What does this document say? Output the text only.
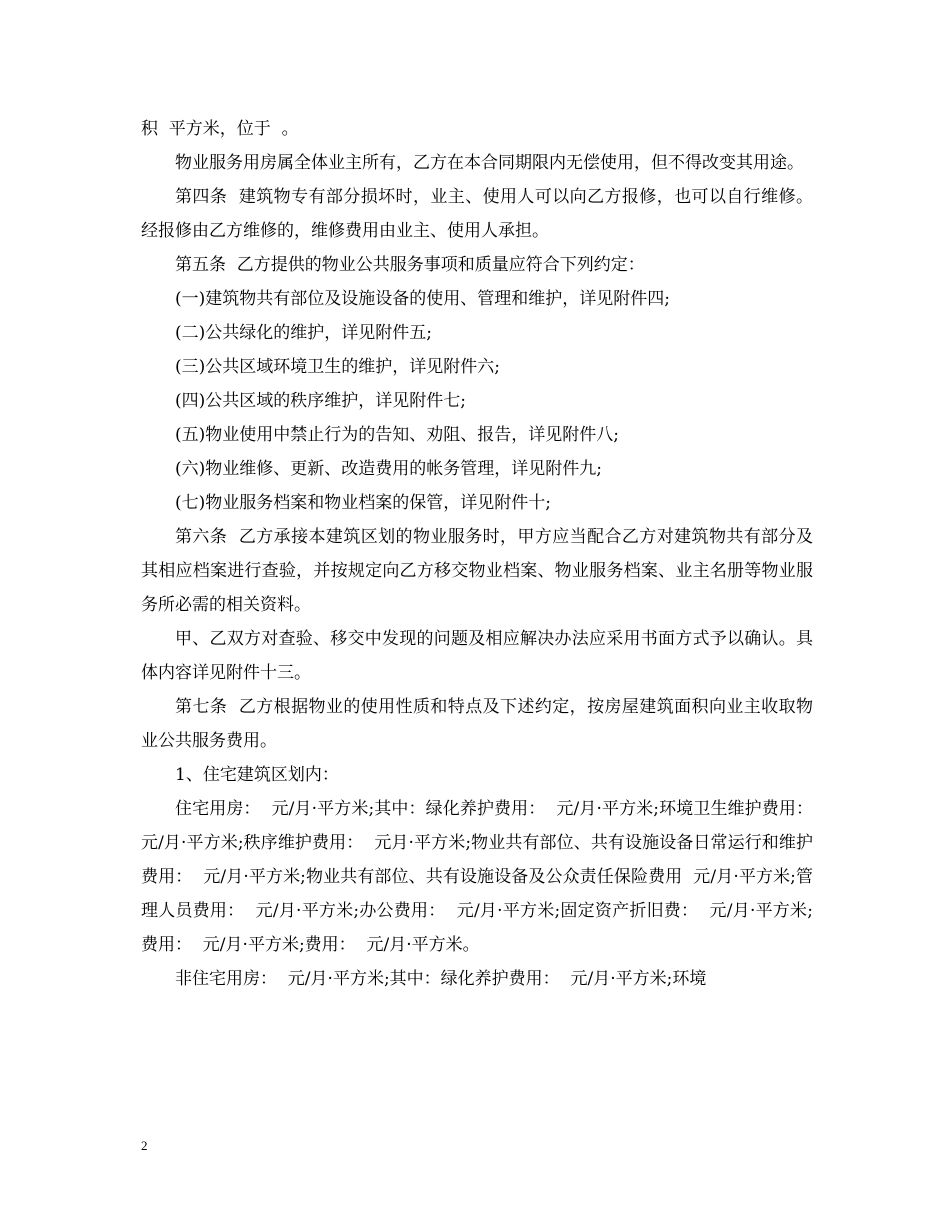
积  平方米，位于  。

物业服务用房属全体业主所有，乙方在本合同期限内无偿使用，但不得改变其用途。

第四条  建筑物专有部分损坏时，业主、使用人可以向乙方报修，也可以自行维修。经报修由乙方维修的，维修费用由业主、使用人承担。

第五条  乙方提供的物业公共服务事项和质量应符合下列约定：

(一)建筑物共有部位及设施设备的使用、管理和维护，详见附件四;

(二)公共绿化的维护，详见附件五;

(三)公共区域环境卫生的维护，详见附件六;

(四)公共区域的秩序维护，详见附件七;

(五)物业使用中禁止行为的告知、劝阻、报告，详见附件八;

(六)物业维修、更新、改造费用的帐务管理，详见附件九;

(七)物业服务档案和物业档案的保管，详见附件十;

第六条  乙方承接本建筑区划的物业服务时，甲方应当配合乙方对建筑物共有部分及其相应档案进行查验，并按规定向乙方移交物业档案、物业服务档案、业主名册等物业服务所必需的相关资料。

甲、乙双方对查验、移交中发现的问题及相应解决办法应采用书面方式予以确认。具体内容详见附件十三。

第七条  乙方根据物业的使用性质和特点及下述约定，按房屋建筑面积向业主收取物业公共服务费用。

1、住宅建筑区划内：

住宅用房：  元/月·平方米;其中：绿化养护费用：  元/月·平方米;环境卫生维护费用：  元/月·平方米;秩序维护费用：  元月·平方米;物业共有部位、共有设施设备日常运行和维护费用：  元/月·平方米;物业共有部位、共有设施设备及公众责任保险费用  元/月·平方米;管理人员费用：  元/月·平方米;办公费用：  元/月·平方米;固定资产折旧费：  元/月·平方米;费用：  元/月·平方米;费用：  元/月·平方米。

非住宅用房：  元/月·平方米;其中：绿化养护费用：  元/月·平方米;环境

2
